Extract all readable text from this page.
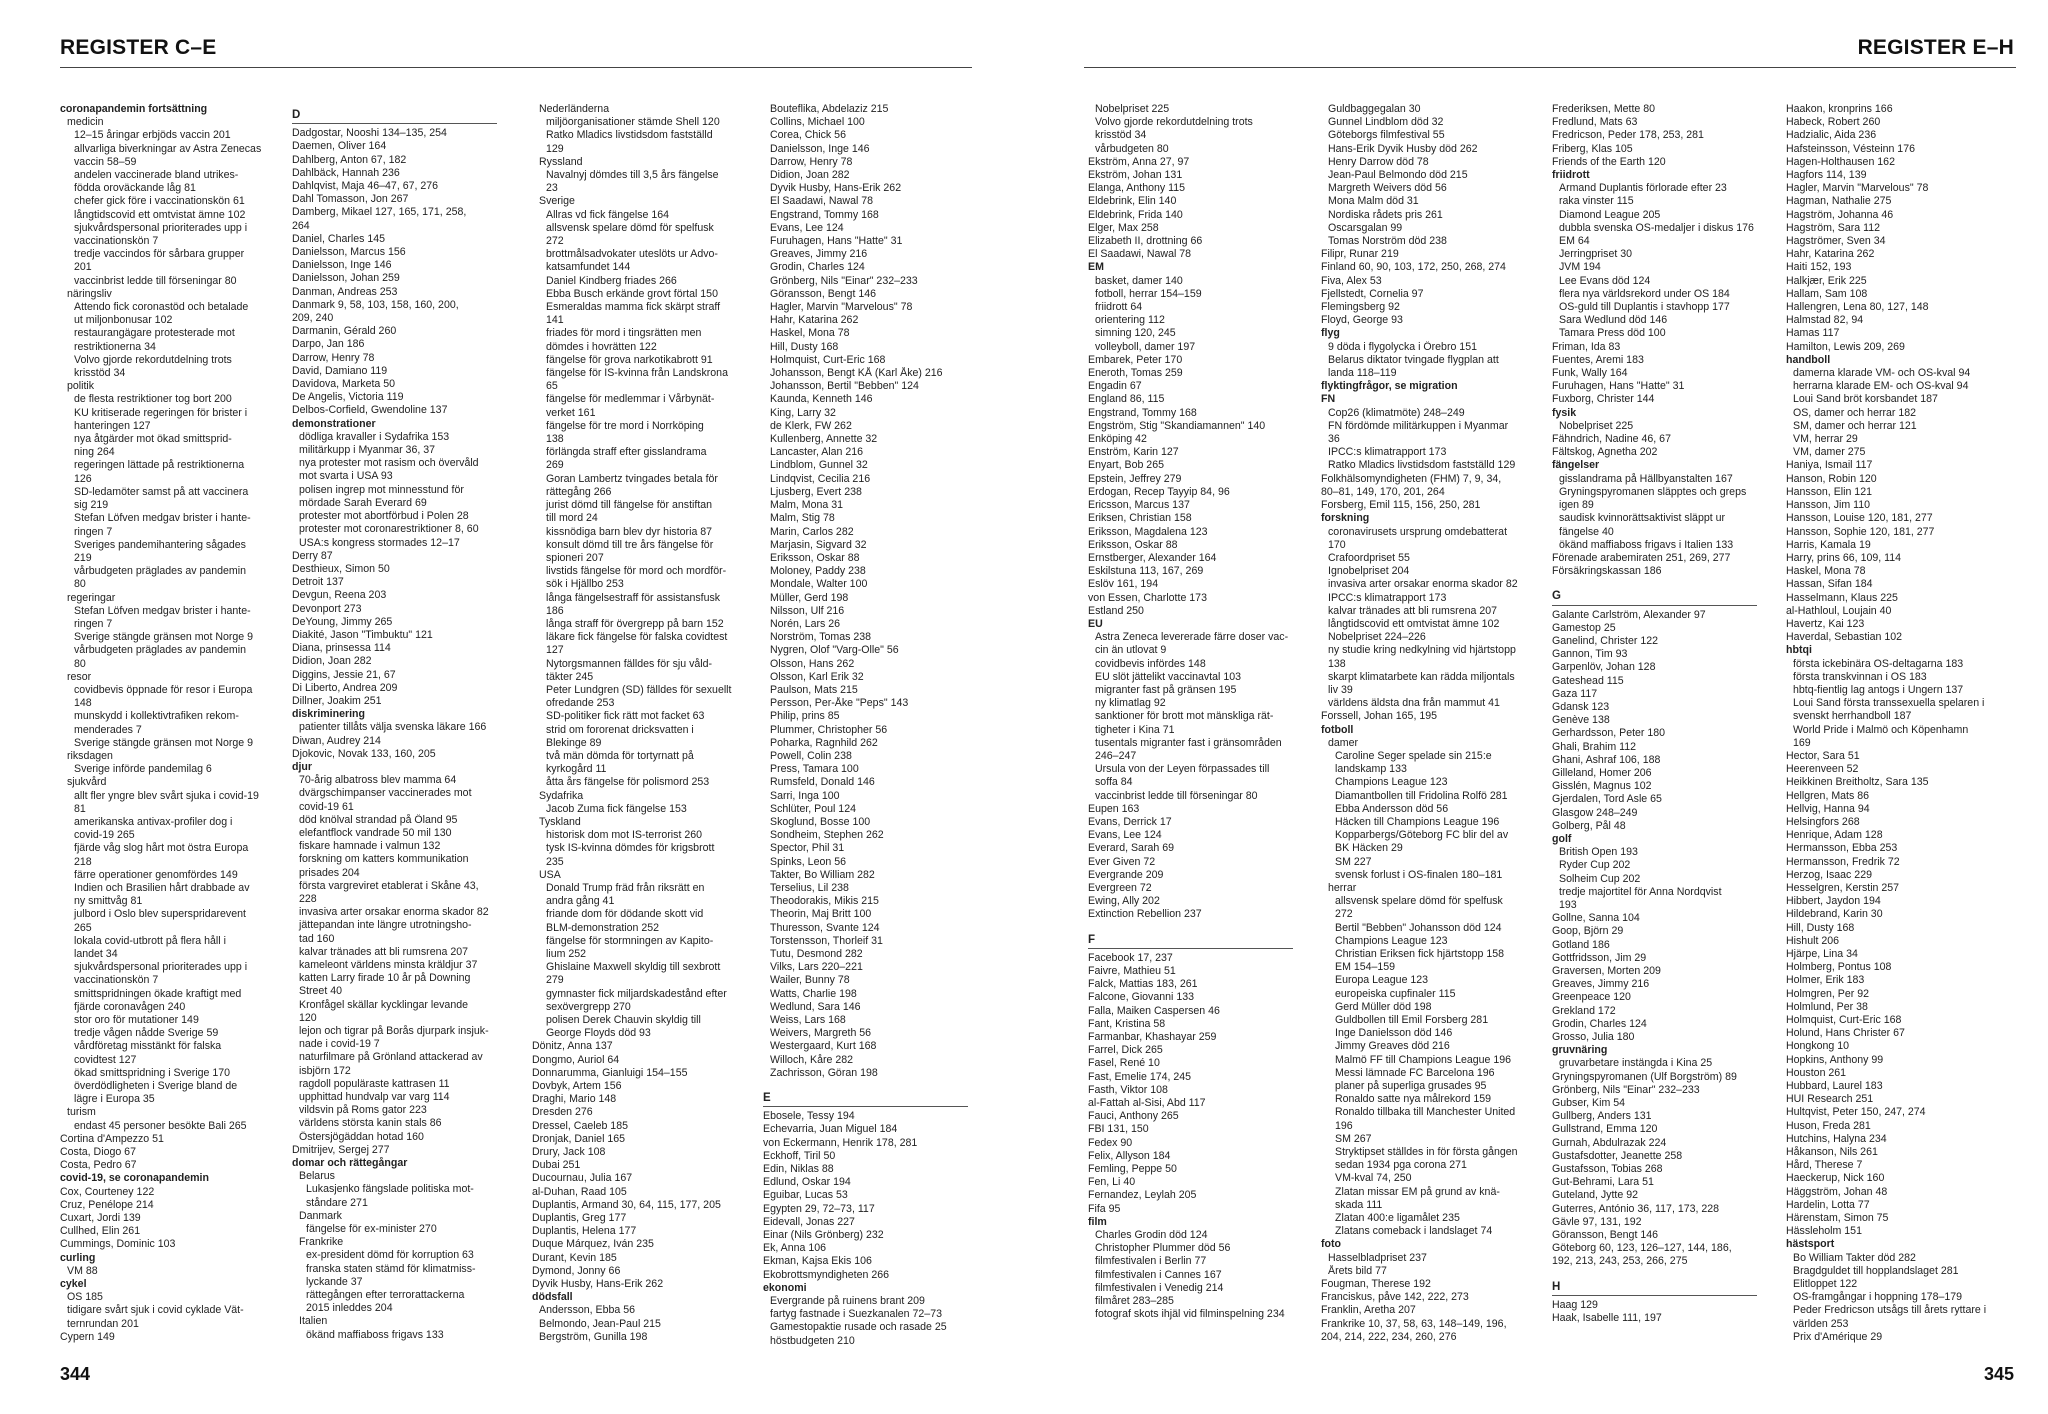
REGISTER C–E
coronapandemin fortsättning
medicin
12–15 åringar erbjöds vaccin 201
allvarliga biverkningar av Astra Zenecas
vaccin 58–59
andelen vaccinerade bland utrikes-
födda oroväckande låg 81
chefer gick före i vaccinationskön 61
långtidscovid ett omtvistat ämne 102
sjukvårdspersonal prioriterades upp i
vaccinationskön 7
tredje vaccindos för sårbara grupper
201
vaccinbrist ledde till förseningar 80
näringsliv
Attendo fick coronastöd och betalade
ut miljonbonusar 102
restaurangägare protesterade mot
restriktionerna 34
Volvo gjorde rekordutdelning trots
krisstöd 34
politik
de flesta restriktioner tog bort 200
KU kritiserade regeringen för brister i
hanteringen 127
nya åtgärder mot ökad smittsprid-
ning 264
regeringen lättade på restriktionerna
126
SD-ledamöter samst på att vaccinera
sig 219
Stefan Löfven medgav brister i hante-
ringen 7
Sveriges pandemihantering sågades
219
vårbudgeten präglades av pandemin
80
regeringar
Stefan Löfven medgav brister i hante-
ringen 7
Sverige stängde gränsen mot Norge 9
vårbudgeten präglades av pandemin
80
resor
covidbevis öppnade för resor i Europa
148
munskydd i kollektivtrafiken rekom-
menderades 7
Sverige stängde gränsen mot Norge 9
riksdagen
Sverige införde pandemilag 6
sjukvård
allt fler yngre blev svårt sjuka i covid-19
81
amerikanska antivax-profiler dog i
covid-19 265
fjärde våg slog hårt mot östra Europa
218
färre operationer genomfördes 149
Indien och Brasilien hårt drabbade av
ny smittvåg 81
julbord i Oslo blev superspridarevent
265
lokala covid-utbrott på flera håll i
landet 34
sjukvårdspersonal prioriterades upp i
vaccinationskön 7
smittspridningen ökade kraftigt med
fjärde coronavågen 240
stor oro för mutationer 149
tredje vågen nådde Sverige 59
vårdföretag misstänkt för falska
covidtest 127
ökad smittspridning i Sverige 170
överdödligheten i Sverige bland de
lägre i Europa 35
turism
endast 45 personer besökte Bali 265
Cortina d'Ampezzo 51
Costa, Diogo 67
Costa, Pedro 67
covid-19, se coronapandemin
Cox, Courteney 122
Cruz, Penélope 214
Cuxart, Jordi 139
Cullhed, Elin 261
Cummings, Dominic 103
curling
VM 88
cykel
OS 185
tidigare svårt sjuk i covid cyklade Vät-
ternrundan 201
Cypern 149
D
Dadgostar, Nooshi 134–135, 254
Daemen, Oliver 164
Dahlberg, Anton 67, 182
Dahlbäck, Hannah 236
Dahlqvist, Maja 46–47, 67, 276
Dahl Tomasson, Jon 267
Damberg, Mikael 127, 165, 171, 258,
264
Daniel, Charles 145
Danielsson, Marcus 156
Danielsson, Inge 146
Danielsson, Johan 259
Danman, Andreas 253
Danmark 9, 58, 103, 158, 160, 200,
209, 240
Darmanin, Gérald 260
Darpo, Jan 186
Darrow, Henry 78
David, Damiano 119
Davidova, Marketa 50
De Angelis, Victoria 119
Delbos-Corfield, Gwendoline 137
demonstrationer
dödliga kravaller i Sydafrika 153
militärkupp i Myanmar 36, 37
nya protester mot rasism och övervåld
mot svarta i USA 93
polisen ingrep mot minnesstund för
mördade Sarah Everard 69
protester mot abortförbud i Polen 28
protester mot coronarestriktioner 8, 60
USA:s kongress stormades 12–17
Derry 87
Desthieux, Simon 50
Detroit 137
Devgun, Reena 203
Devonport 273
DeYoung, Jimmy 265
Diakité, Jason "Timbuktu" 121
Diana, prinsessa 114
Didion, Joan 282
Diggins, Jessie 21, 67
Di Liberto, Andrea 209
Dillner, Joakim 251
diskriminering
patienter tillåts välja svenska läkare 166
Diwan, Audrey 214
Djokovic, Novak 133, 160, 205
djur
70-årig albatross blev mamma 64
dvärgschimpanser vaccinerades mot
covid-19 61
död knölval strandad på Öland 95
elefantflock vandrade 50 mil 130
fiskare hamnade i valmun 132
forskning om katters kommunikation
prisades 204
första vargreviret etablerat i Skåne 43,
228
invasiva arter orsakar enorma skador 82
jättepandan inte längre utrotningsho-
tad 160
kalvar tränades att bli rumsrena 207
kameleont världens minsta kräldjur 37
katten Larry firade 10 år på Downing
Street 40
Kronfågel skällar kycklingar levande
120
lejon och tigrar på Borås djurpark insjuk-
nade i covid-19 7
naturfilmare på Grönland attackerad av
isbjörn 172
ragdoll populäraste kattrasen 11
upphittad hundvalp var varg 114
vildsvin på Roms gator 223
världens största kanin stals 86
Östersjögäddan hotad 160
Dmitrijev, Sergej 277
domar och rättegångar
Belarus
Lukasjenko fängslade politiska mot-
ståndare 271
Danmark
fängelse för ex-minister 270
Frankrike
ex-president dömd för korruption 63
franska staten stämd för klimatmiss-
lyckande 37
rättegången efter terrorattackerna
2015 inleddes 204
Italien
ökänd maffiaboss frigavs 133
Nederländerna
miljöorganisationer stämde Shell 120
Ratko Mladics livstidsdom fastställd
129
Ryssland
Navalnyj dömdes till 3,5 års fängelse
23
Sverige
Allras vd fick fängelse 164
allsvensk spelare dömd för spelfusk
272
brottmålsadvokater uteslöts ur Advo-
katsamfundet 144
Daniel Kindberg friades 266
Ebba Busch erkände grovt förtal 150
Esmeraldas mamma fick skärpt straff
141
friades för mord i tingsrätten men
dömdes i hovrätten 122
fängelse för grova narkotikabrott 91
fängelse för IS-kvinna från Landskrona
65
fängelse för medlemmar i Vårbynät-
verket 161
fängelse för tre mord i Norrköping
138
förlängda straff efter gisslandrama
269
Goran Lambertz tvingades betala för
rättegång 266
jurist dömd till fängelse för anstiftan
till mord 24
kissnödiga barn blev dyr historia 87
konsult dömd till tre års fängelse för
spioneri 207
livstids fängelse för mord och mordför-
sök i Hjällbo 253
långa fängelsestraff för assistansfusk
186
långa straff för övergrepp på barn 152
läkare fick fängelse för falska covidtest
127
Nytorgsmannen fälldes för sju våld-
täkter 245
Peter Lundgren (SD) fälldes för sexuellt
ofredande 253
SD-politiker fick rätt mot facket 63
strid om fororenat dricksvatten i
Blekinge 89
två män dömda för tortyrnatt på
kyrkogård 11
åtta års fängelse för polismord 253
Sydafrika
Jacob Zuma fick fängelse 153
Tyskland
historisk dom mot IS-terrorist 260
tysk IS-kvinna dömdes för krigsbrott
235
USA
Donald Trump fräd från riksrätt en
andra gång 41
friande dom för dödande skott vid
BLM-demonstration 252
fängelse för stormningen av Kapito-
lium 252
Ghislaine Maxwell skyldig till sexbrott
279
gymnaster fick miljardskadestånd efter
sexövergrepp 270
polisen Derek Chauvin skyldig till
George Floyds död 93
Dönitz, Anna 137
Dongmo, Auriol 64
Donnarumma, Gianluigi 154–155
Dovbyk, Artem 156
Draghi, Mario 148
Dresden 276
Dressel, Caeleb 185
Dronjak, Daniel 165
Drury, Jack 108
Dubai 251
Ducournau, Julia 167
al-Duhan, Raad 105
Duplantis, Armand 30, 64, 115, 177, 205
Duplantis, Greg 177
Duplantis, Helena 177
Duque Márquez, Iván 235
Durant, Kevin 185
Dymond, Jonny 66
Dyvik Husby, Hans-Erik 262
dödsfall
Andersson, Ebba 56
Belmondo, Jean-Paul 215
Bergström, Gunilla 198
Bouteflika, Abdelaziz 215
Collins, Michael 100
Corea, Chick 56
Danielsson, Inge 146
Darrow, Henry 78
Didion, Joan 282
Dyvik Husby, Hans-Erik 262
El Saadawi, Nawal 78
Engstrand, Tommy 168
Evans, Lee 124
Furuhagen, Hans "Hatte" 31
Greaves, Jimmy 216
Grodin, Charles 124
Grönberg, Nils "Einar" 232–233
Göransson, Bengt 146
Hagler, Marvin "Marvelous" 78
Hahr, Katarina 262
Haskel, Mona 78
Hill, Dusty 168
Holmquist, Curt-Eric 168
Johansson, Bengt KÅ (Karl Åke) 216
Johansson, Bertil "Bebben" 124
Kaunda, Kenneth 146
King, Larry 32
de Klerk, FW 262
Kullenberg, Annette 32
Lancaster, Alan 216
Lindblom, Gunnel 32
Lindqvist, Cecilia 216
Ljusberg, Evert 238
Malm, Mona 31
Malm, Stig 78
Marin, Carlos 282
Marjasin, Sigvard 32
Eriksson, Oskar 88
Moloney, Paddy 238
Mondale, Walter 100
Müller, Gerd 198
Nilsson, Ulf 216
Norén, Lars 26
Norström, Tomas 238
Nygren, Olof "Varg-Olle" 56
Olsson, Hans 262
Olsson, Karl Erik 32
Paulson, Mats 215
Persson, Per-Åke "Peps" 143
Philip, prins 85
Plummer, Christopher 56
Poharka, Ragnhild 262
Powell, Colin 238
Press, Tamara 100
Rumsfeld, Donald 146
Sarri, Inga 100
Schlüter, Poul 124
Skoglund, Bosse 100
Sondheim, Stephen 262
Spector, Phil 31
Spinks, Leon 56
Takter, Bo William 282
Terselius, Lil 238
Theodorakis, Mikis 215
Theorin, Maj Britt 100
Thuresson, Svante 124
Torstensson, Thorleif 31
Tutu, Desmond 282
Vilks, Lars 220–221
Wailer, Bunny 78
Watts, Charlie 198
Wedlund, Sara 146
Weiss, Lars 168
Weivers, Margreth 56
Westergaard, Kurt 168
Willoch, Kåre 282
Zachrisson, Göran 198
E
Ebosele, Tessy 194
Echevarria, Juan Miguel 184
von Eckermann, Henrik 178, 281
Eckhoff, Tiril 50
Edin, Niklas 88
Edlund, Oskar 194
Eguibar, Lucas 53
Egypten 29, 72–73, 117
Eidevall, Jonas 227
Einar (Nils Grönberg) 232
Ek, Anna 106
Ekman, Kajsa Ekis 106
Ekobrottsmyndigheten 266
ekonomi
Evergrande på ruinens brant 209
fartyg fastnade i Suezkanalen 72–73
Gamestopaktie rusade och rasade 25
höstbudgeten 210
344
REGISTER E–H
Nobelpriset 225
Volvo gjorde rekordutdelning trots
krisstöd 34
vårbudgeten 80
Ekström, Anna 27, 97
Ekström, Johan 131
Elanga, Anthony 115
Eldebrink, Elin 140
Eldebrink, Frida 140
Elger, Max 258
Elizabeth II, drottning 66
El Saadawi, Nawal 78
EM
basket, damer 140
fotboll, herrar 154–159
friidrott 64
orientering 112
simning 120, 245
volleyboll, damer 197
Embarek, Peter 170
Eneroth, Tomas 259
Engadin 67
England 86, 115
Engstrand, Tommy 168
Engström, Stig "Skandiamannen" 140
Enköping 42
Enström, Karin 127
Enyart, Bob 265
Epstein, Jeffrey 279
Erdogan, Recep Tayyip 84, 96
Ericsson, Marcus 137
Eriksen, Christian 158
Eriksson, Magdalena 123
Eriksson, Oskar 88
Ernstberger, Alexander 164
Eskilstuna 113, 167, 269
Eslöv 161, 194
von Essen, Charlotte 173
Estland 250
EU
Astra Zeneca levererade färre doser vac-
cin än utlovat 9
covidbevis infördes 148
EU slöt jättelikt vaccinavtal 103
migranter fast på gränsen 195
ny klimatlag 92
sanktioner för brott mot mänskliga rät-
tigheter i Kina 71
tusentals migranter fast i gränsområden
246–247
Ursula von der Leyen förpassades till
soffa 84
vaccinbrist ledde till förseningar 80
Eupen 163
Evans, Derrick 17
Evans, Lee 124
Everard, Sarah 69
Ever Given 72
Evergrande 209
Evergreen 72
Ewing, Ally 202
Extinction Rebellion 237
F
Facebook 17, 237
Faivre, Mathieu 51
Falck, Mattias 183, 261
Falcone, Giovanni 133
Falla, Maiken Caspersen 46
Fant, Kristina 58
Farmanbar, Khashayar 259
Farrel, Dick 265
Fasel, René 10
Fast, Emelie 174, 245
Fasth, Viktor 108
al-Fattah al-Sisi, Abd 117
Fauci, Anthony 265
FBI 131, 150
Fedex 90
Felix, Allyson 184
Femling, Peppe 50
Fen, Li 40
Fernandez, Leylah 205
Fifa 95
film
Charles Grodin död 124
Christopher Plummer död 56
filmfestivalen i Berlin 77
filmfestivalen i Cannes 167
filmfestivalen i Venedig 214
filmåret 283–285
fotograf skots ihjäl vid filminspelning 234
Guldbaggegalan 30
Gunnel Lindblom död 32
Göteborgs filmfestival 55
Hans-Erik Dyvik Husby död 262
Henry Darrow död 78
Jean-Paul Belmondo död 215
Margreth Weivers död 56
Mona Malm död 31
Nordiska rådets pris 261
Oscarsgalan 99
Tomas Norström död 238
Filipr, Runar 219
Finland 60, 90, 103, 172, 250, 268, 274
Fiva, Alex 53
Fjellstedt, Cornelia 97
Flemingsberg 92
Floyd, George 93
flyg
9 döda i flygolycka i Örebro 151
Belarus diktator tvingade flygplan att
landa 118–119
flyktingfrågor, se migration
FN
Cop26 (klimatmöte) 248–249
FN fördömde militärkuppen i Myanmar
36
IPCC:s klimatrapport 173
Ratko Mladics livstidsdom fastställd 129
Folkhälsomyndigheten (FHM) 7, 9, 34,
80–81, 149, 170, 201, 264
Forsberg, Emil 115, 156, 250, 281
forskning
coronavirusets ursprung omdebatterat
170
Crafoordpriset 55
Ignobelpriset 204
invasiva arter orsakar enorma skador 82
IPCC:s klimatrapport 173
kalvar tränades att bli rumsrena 207
långtidscovid ett omtvistat ämne 102
Nobelpriset 224–226
ny studie kring nedkylning vid hjärtstopp
138
skarpt klimatarbete kan rädda miljontals
liv 39
världens äldsta dna från mammut 41
Forssell, Johan 165, 195
fotboll
damer
Caroline Seger spelade sin 215:e
landskamp 133
Champions League 123
Diamantbollen till Fridolina Rolfö 281
Ebba Andersson död 56
Häcken till Champions League 196
Kopparbergs/Göteborg FC blir del av
BK Häcken 29
SM 227
svensk forlust i OS-finalen 180–181
herrar
allsvensk spelare dömd för spelfusk
272
Bertil "Bebben" Johansson död 124
Champions League 123
Christian Eriksen fick hjärtstopp 158
EM 154–159
Europa League 123
europeiska cupfinaler 115
Gerd Müller död 198
Guldbollen till Emil Forsberg 281
Inge Danielsson död 146
Jimmy Greaves död 216
Malmö FF till Champions League 196
Messi lämnade FC Barcelona 196
planer på superliga grusades 95
Ronaldo satte nya målrekord 159
Ronaldo tillbaka till Manchester United
196
SM 267
Stryktipset ställdes in för första gången
sedan 1934 pga corona 271
VM-kval 74, 250
Zlatan missar EM på grund av knä-
skada 111
Zlatan 400:e ligamålet 235
Zlatans comeback i landslaget 74
foto
Hasselbladpriset 237
Årets bild 77
Fougman, Therese 192
Franciskus, påve 142, 222, 273
Franklin, Aretha 207
Frankrike 10, 37, 58, 63, 148–149, 196,
204, 214, 222, 234, 260, 276
Frederiksen, Mette 80
Fredlund, Mats 63
Fredricson, Peder 178, 253, 281
Friberg, Klas 105
Friends of the Earth 120
friidrott
Armand Duplantis förlorade efter 23
raka vinster 115
Diamond League 205
dubbla svenska OS-medaljer i diskus 176
EM 64
Jerringpriset 30
JVM 194
Lee Evans död 124
flera nya världsrekord under OS 184
OS-guld till Duplantis i stavhopp 177
Sara Wedlund död 146
Tamara Press död 100
Friman, Ida 83
Fuentes, Aremi 183
Funk, Wally 164
Furuhagen, Hans "Hatte" 31
Fuxborg, Christer 144
fysik
Nobelpriset 225
Fähndrich, Nadine 46, 67
Fältskog, Agnetha 202
fängelser
gisslandrama på Hällbyanstalten 167
Gryningspyromanen släpptes och greps
igen 89
saudisk kvinnorättsaktivist släppt ur
fängelse 40
ökänd maffiaboss frigavs i Italien 133
Förenade arabemiraten 251, 269, 277
Försäkringskassan 186
G
Galante Carlström, Alexander 97
Gamestop 25
Ganelind, Christer 122
Gannon, Tim 93
Garpenlöv, Johan 128
Gateshead 115
Gaza 117
Gdansk 123
Genève 138
Gerhardsson, Peter 180
Ghali, Brahim 112
Ghani, Ashraf 106, 188
Gilleland, Homer 206
Gisslén, Magnus 102
Gjerdalen, Tord Asle 65
Glasgow 248–249
Golberg, Pål 48
golf
British Open 193
Ryder Cup 202
Solheim Cup 202
tredje majortitel för Anna Nordqvist
193
Gollne, Sanna 104
Goop, Björn 29
Gotland 186
Gottfridsson, Jim 29
Graversen, Morten 209
Greaves, Jimmy 216
Greenpeace 120
Grekland 172
Grodin, Charles 124
Grosso, Julia 180
gruvnäring
gruvarbetare instängda i Kina 25
Gryningspyromanen (Ulf Borgström) 89
Grönberg, Nils "Einar" 232–233
Gubser, Kim 54
Gullberg, Anders 131
Gullstrand, Emma 120
Gurnah, Abdulrazak 224
Gustafsdotter, Jeanette 258
Gustafsson, Tobias 268
Gut-Behrami, Lara 51
Guteland, Jytte 92
Guterres, António 36, 117, 173, 228
Gävle 97, 131, 192
Göransson, Bengt 146
Göteborg 60, 123, 126–127, 144, 186,
192, 213, 243, 253, 266, 275
H
Haag 129
Haak, Isabelle 111, 197
Haakon, kronprins 166
Habeck, Robert 260
Hadzialic, Aida 236
Hafsteinsson, Vésteinn 176
Hagen-Holthausen 162
Hagfors 114, 139
Hagler, Marvin "Marvelous" 78
Hagman, Nathalie 275
Hagström, Johanna 46
Hagström, Sara 112
Hagströmer, Sven 34
Hahr, Katarina 262
Haiti 152, 193
Halkjær, Erik 225
Hallam, Sam 108
Hallengren, Lena 80, 127, 148
Halmstad 82, 94
Hamas 117
Hamilton, Lewis 209, 269
handboll
damerna klarade VM- och OS-kval 94
herrarna klarade EM- och OS-kval 94
Loui Sand bröt korsbandet 187
OS, damer och herrar 182
SM, damer och herrar 121
VM, herrar 29
VM, damer 275
Haniya, Ismail 117
Hanson, Robin 120
Hansson, Elin 121
Hansson, Jim 110
Hansson, Louise 120, 181, 277
Hansson, Sophie 120, 181, 277
Harris, Kamala 19
Harry, prins 66, 109, 114
Haskel, Mona 78
Hassan, Sifan 184
Hasselmann, Klaus 225
al-Hathloul, Loujain 40
Havertz, Kai 123
Haverdal, Sebastian 102
hbtqi
första ickebinära OS-deltagarna 183
första transkvinnan i OS 183
hbtq-fientlig lag antogs i Ungern 137
Loui Sand första transsexuella spelaren i
svenskt herrhandboll 187
World Pride i Malmö och Köpenhamn
169
Hector, Sara 51
Heerenveen 52
Heikkinen Breitholtz, Sara 135
Hellgren, Mats 86
Hellvig, Hanna 94
Helsingfors 268
Henrique, Adam 128
Hermansson, Ebba 253
Hermansson, Fredrik 72
Herzog, Isaac 229
Hesselgren, Kerstin 257
Hibbert, Jaydon 194
Hildebrand, Karin 30
Hill, Dusty 168
Hishult 206
Hjärpe, Lina 34
Holmberg, Pontus 108
Holmer, Erik 183
Holmgren, Per 92
Holmlund, Per 38
Holmquist, Curt-Eric 168
Holund, Hans Christer 67
Hongkong 10
Hopkins, Anthony 99
Houston 261
Hubbard, Laurel 183
HUI Research 251
Hultqvist, Peter 150, 247, 274
Huson, Freda 281
Hutchins, Halyna 234
Håkanson, Nils 261
Hård, Therese 7
Haeckerup, Nick 160
Häggström, Johan 48
Hardelin, Lotta 77
Härenstam, Simon 75
Hässleholm 151
hästsport
Bo William Takter död 282
Bragdguldet till hopplandslaget 281
Elitloppet 122
OS-framgångar i hoppning 178–179
Peder Fredricson utsågs till årets ryttare i
världen 253
Prix d'Amérique 29
345
